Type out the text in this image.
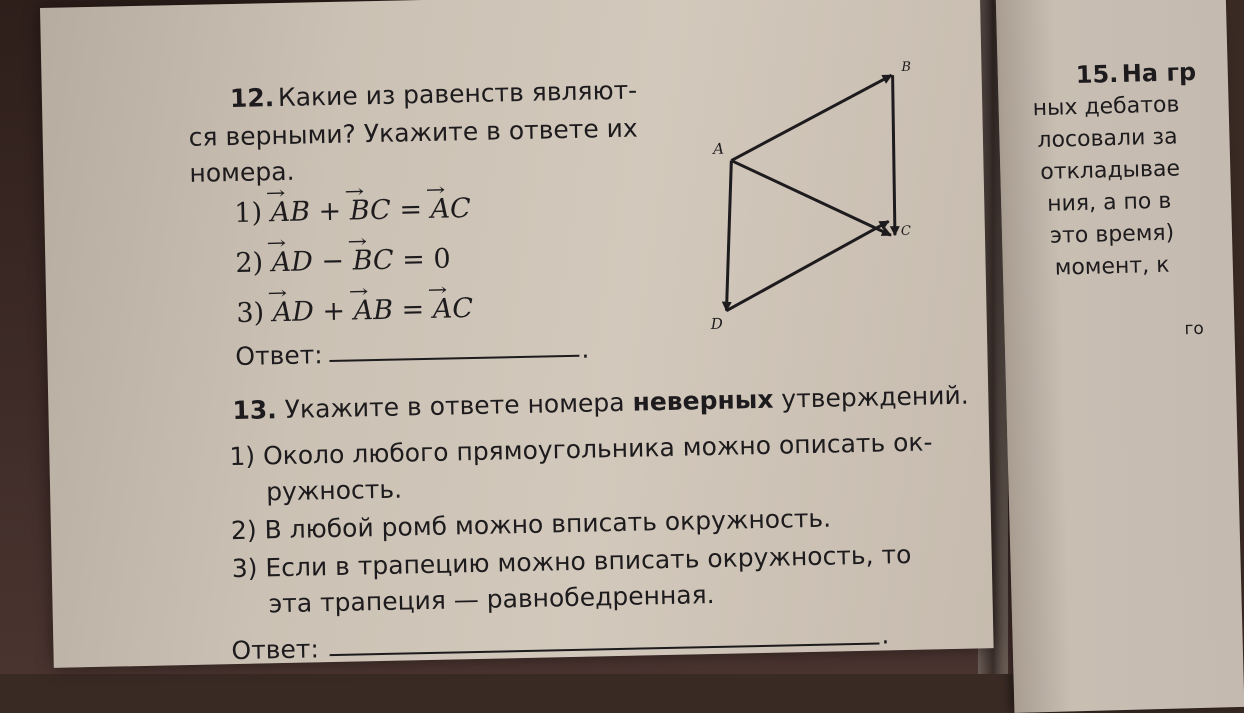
15. На гр
ных дебатов
лосовали за
откладывае
ния, а по в
это время)
момент, к
го
12. Какие из равенств являют-
ся верными? Укажите в ответе их
номера.
1) AB → + BC → = AC →
2) AD → − BC → = 0
3) AD → + AB → = AC →
Ответ:	.
A
B
C
D
13. Укажите в ответе номера неверных утверждений.
1) Около любого прямоугольника можно описать ок-
ружность.
2) В любой ромб можно вписать окружность.
3) Если в трапецию можно вписать окружность, то
эта трапеция — равнобедренная.
Ответ:	.
